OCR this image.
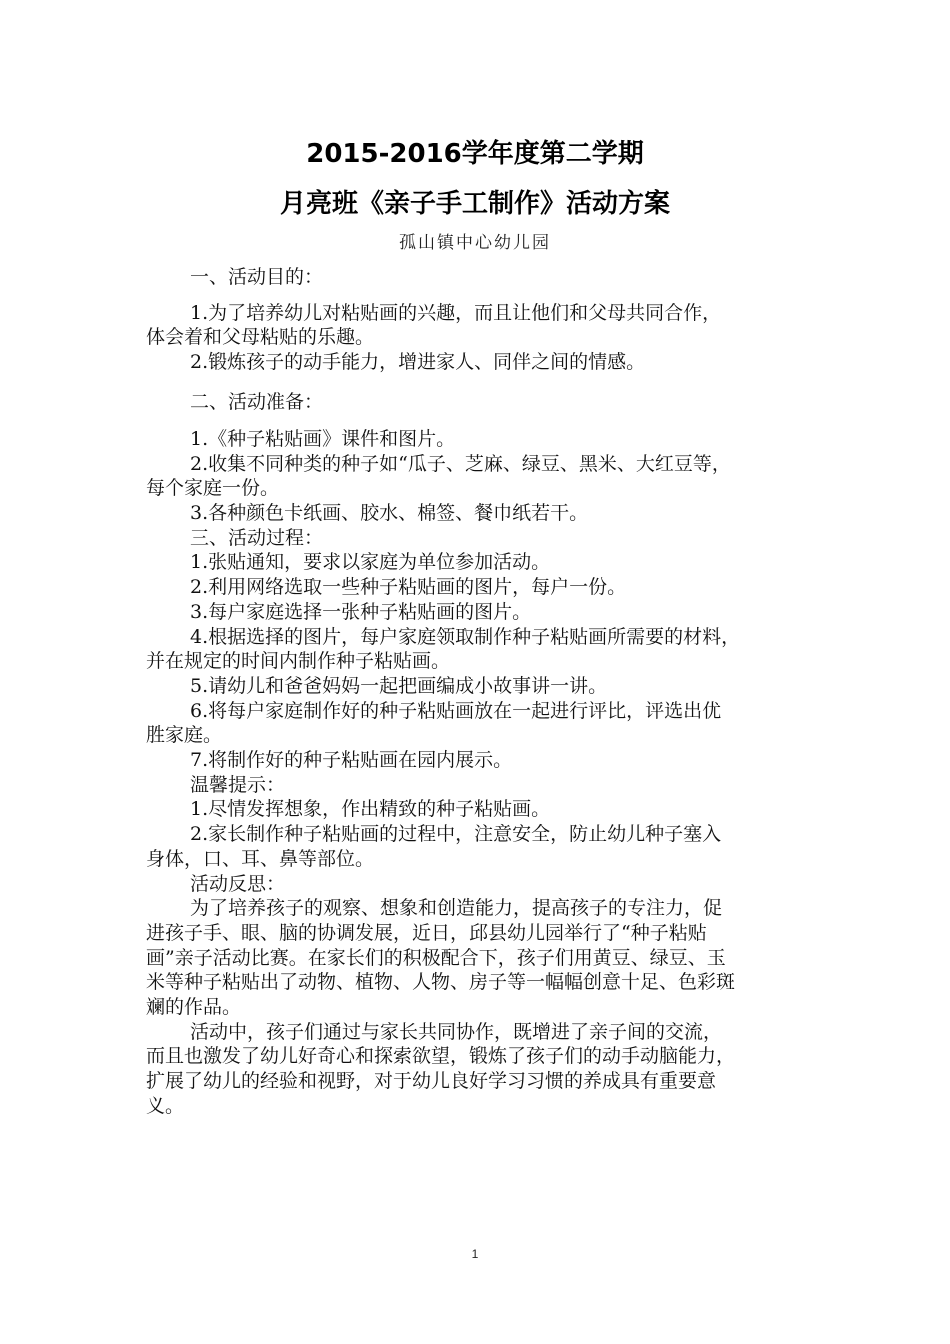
2015-2016学年度第二学期
月亮班《亲子手工制作》活动方案
孤山镇中心幼儿园
一、活动目的：
1.为了培养幼儿对粘贴画的兴趣，而且让他们和父母共同合作，
体会着和父母粘贴的乐趣。
2.锻炼孩子的动手能力，增进家人、同伴之间的情感。
二、活动准备：
1.《种子粘贴画》课件和图片。
2.收集不同种类的种子如“瓜子、芝麻、绿豆、黑米、大红豆等，
每个家庭一份。
3.各种颜色卡纸画、胶水、棉签、餐巾纸若干。
三、活动过程：
1.张贴通知，要求以家庭为单位参加活动。
2.利用网络选取一些种子粘贴画的图片，每户一份。
3.每户家庭选择一张种子粘贴画的图片。
4.根据选择的图片，每户家庭领取制作种子粘贴画所需要的材料，
并在规定的时间内制作种子粘贴画。
5.请幼儿和爸爸妈妈一起把画编成小故事讲一讲。
6.将每户家庭制作好的种子粘贴画放在一起进行评比，评选出优
胜家庭。
7.将制作好的种子粘贴画在园内展示。
温馨提示：
1.尽情发挥想象，作出精致的种子粘贴画。
2.家长制作种子粘贴画的过程中，注意安全，防止幼儿种子塞入
身体，口、耳、鼻等部位。
活动反思：
为了培养孩子的观察、想象和创造能力，提高孩子的专注力，促
进孩子手、眼、脑的协调发展，近日，邱县幼儿园举行了“种子粘贴
画”亲子活动比赛。在家长们的积极配合下，孩子们用黄豆、绿豆、玉
米等种子粘贴出了动物、植物、人物、房子等一幅幅创意十足、色彩斑
斓的作品。
活动中，孩子们通过与家长共同协作，既增进了亲子间的交流，
而且也激发了幼儿好奇心和探索欲望，锻炼了孩子们的动手动脑能力，
扩展了幼儿的经验和视野，对于幼儿良好学习习惯的养成具有重要意
义。
1
